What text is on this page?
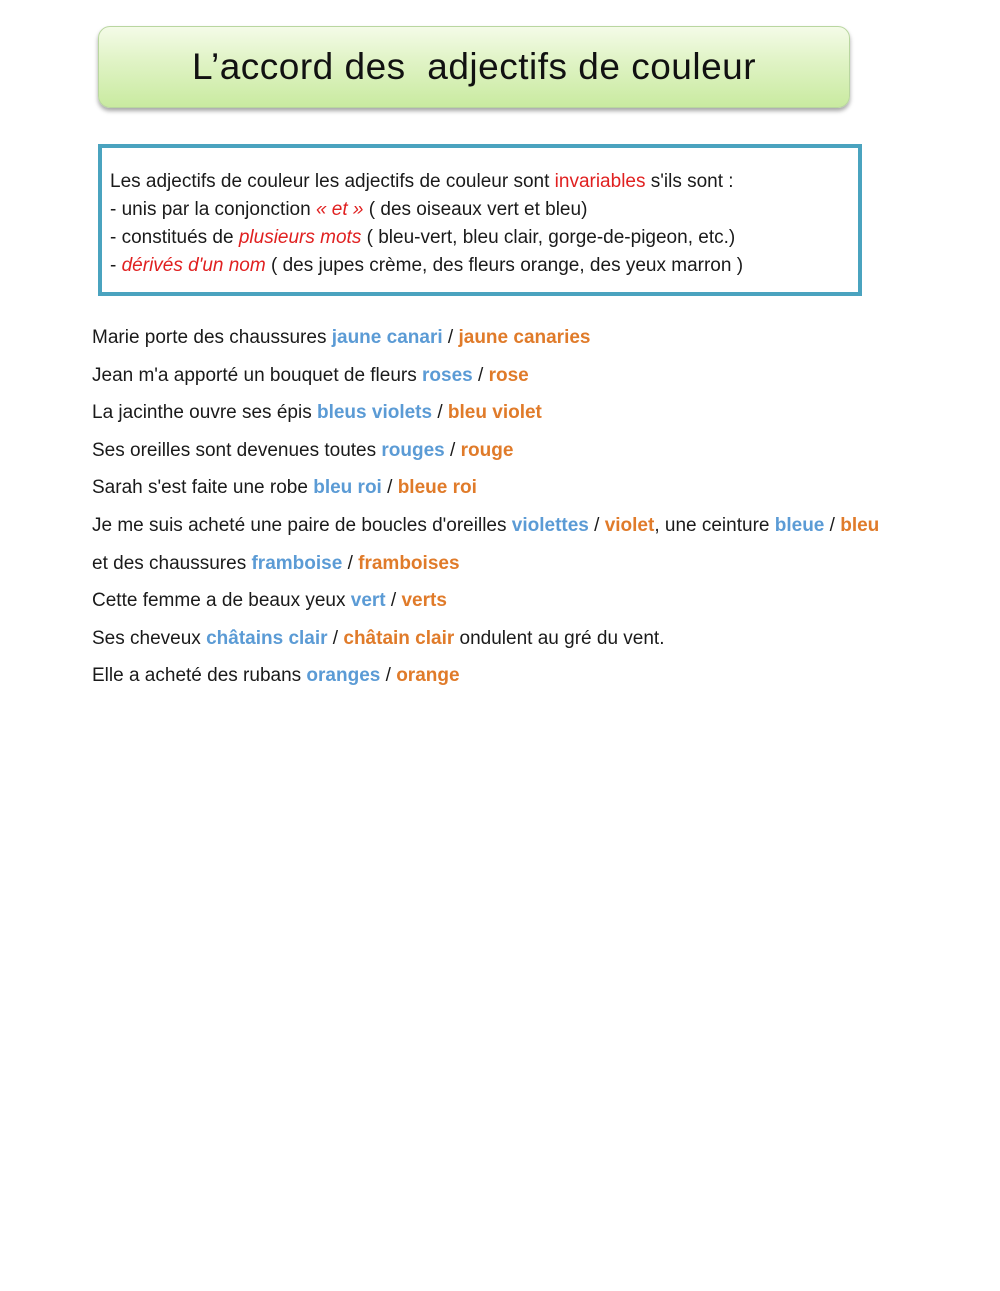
L’accord des  adjectifs de couleur
Les adjectifs de couleur les adjectifs de couleur sont invariables s'ils sont :
- unis par la conjonction « et » ( des oiseaux vert et bleu)
- constitués de plusieurs mots ( bleu-vert, bleu clair, gorge-de-pigeon, etc.)
- dérivés d'un nom ( des jupes crème, des fleurs orange, des yeux marron )
Marie porte des chaussures jaune canari / jaune canaries
Jean m'a apporté un bouquet de fleurs roses / rose
La jacinthe ouvre ses épis bleus violets / bleu violet
Ses oreilles sont devenues toutes rouges / rouge
Sarah s'est faite une robe bleu roi / bleue roi
Je me suis acheté une paire de boucles d'oreilles violettes / violet, une ceinture bleue / bleu
et des chaussures framboise / framboises
Cette femme a de beaux yeux vert / verts
Ses cheveux châtains clair / châtain clair ondulent au gré du vent.
Elle a acheté des rubans oranges / orange
